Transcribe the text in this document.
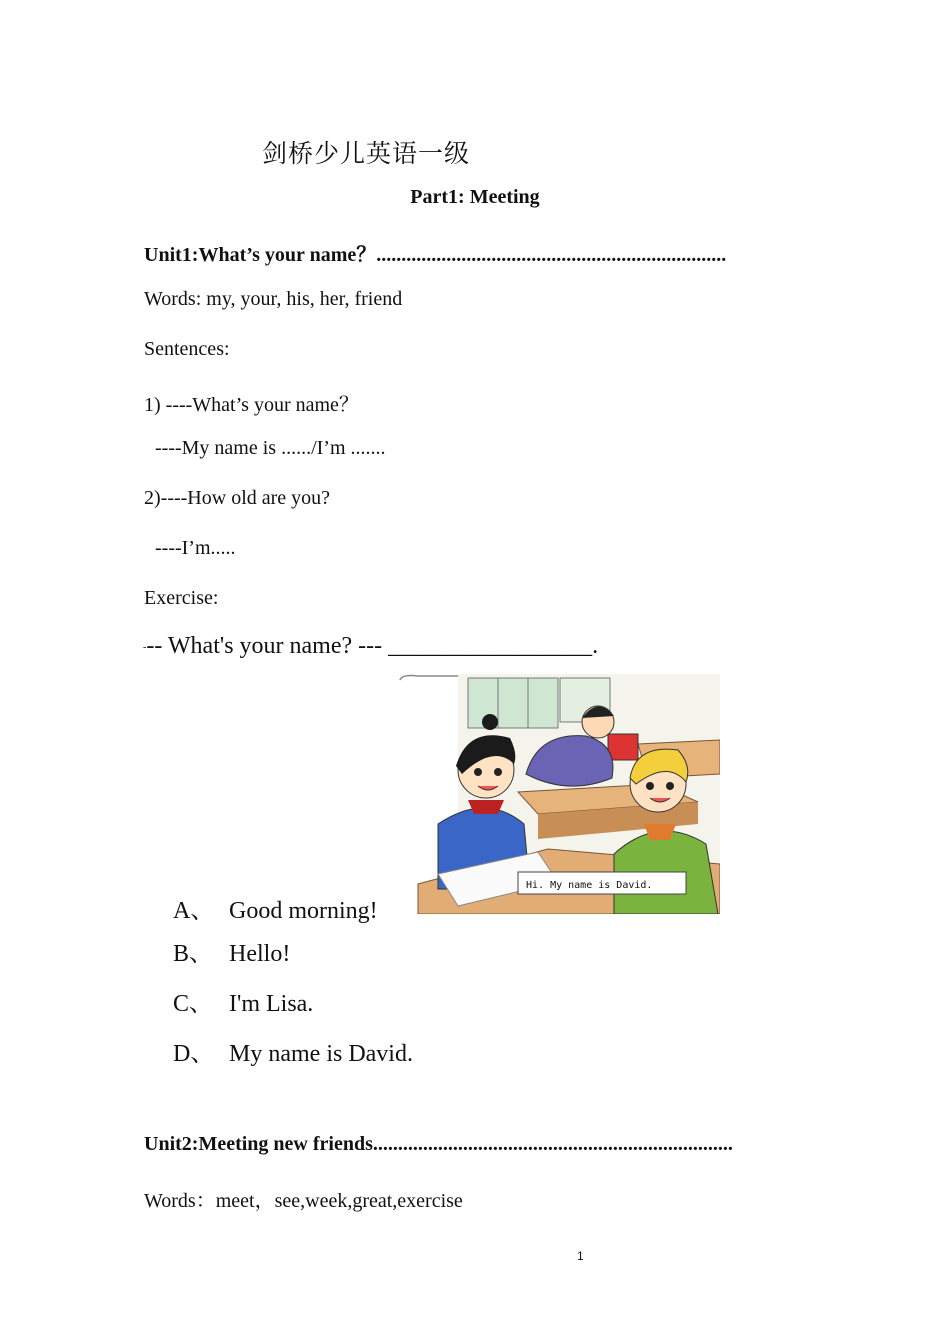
剑桥少儿英语一级
Part1: Meeting
Unit1:What’s your name？......................................................................
Words: my, your, his, her, friend
Sentences:
1) ----What’s your name？
----My name is ....../I’m .......
2)----How old are you?
----I’m.....
Exercise:
--- What's your name? --- _________________.
Hi. My name is David.
A、 Good morning!
B、 Hello!
C、 I'm Lisa.
D、 My name is David.
Unit2:Meeting new friends........................................................................
Words：meet，see,week,great,exercise
1
